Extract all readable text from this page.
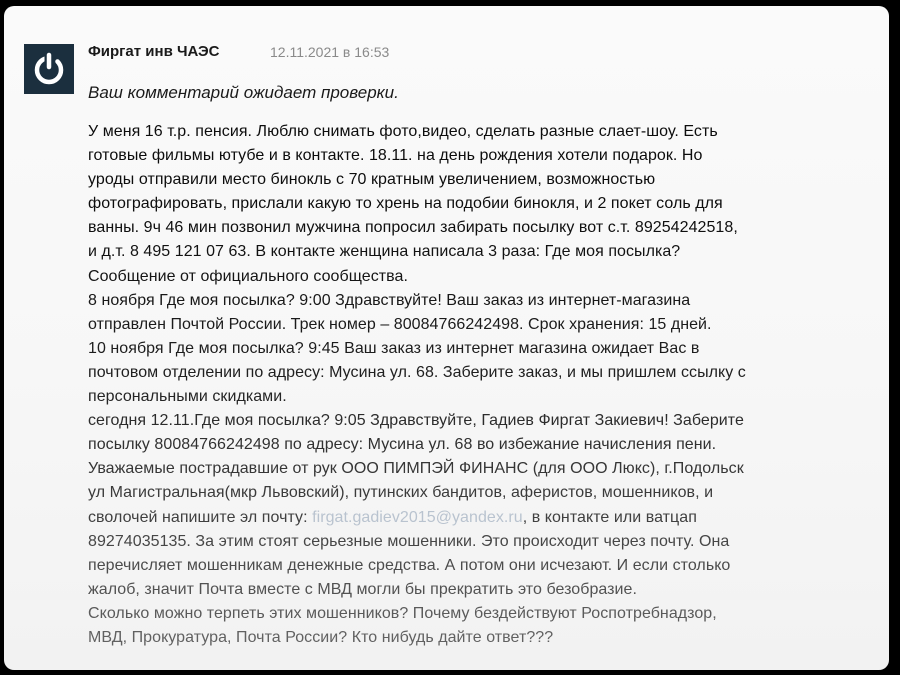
Фиргат инв ЧАЭС	12.11.2021 в 16:53
Ваш комментарий ожидает проверки.
У меня 16 т.р. пенсия. Люблю снимать фото,видео, сделать разные слает-шоу. Есть
готовые фильмы ютубе и в контакте. 18.11. на день рождения хотели подарок. Но
уроды отправили место бинокль с 70 кратным увеличением, возможностью
фотографировать, прислали какую то хрень на подобии бинокля, и 2 покет соль для
ванны. 9ч 46 мин позвонил мужчина попросил забирать посылку вот с.т. 89254242518,
и д.т. 8 495 121 07 63. В контакте женщина написала 3 раза: Где моя посылка?
Сообщение от официального сообщества.
8 ноября Где моя посылка? 9:00 Здравствуйте! Ваш заказ из интернет-магазина
отправлен Почтой России. Трек номер – 80084766242498. Срок хранения: 15 дней.
10 ноября Где моя посылка? 9:45 Ваш заказ из интернет магазина ожидает Вас в
почтовом отделении по адресу: Мусина ул. 68. Заберите заказ, и мы пришлем ссылку с
персональными скидками.
сегодня 12.11.Где моя посылка? 9:05 Здравствуйте, Гадиев Фиргат Закиевич! Заберите
посылку 80084766242498 по адресу: Мусина ул. 68 во избежание начисления пени.
Уважаемые пострадавшие от рук ООО ПИМПЭЙ ФИНАНС (для ООО Люкс), г.Подольск
ул Магистральная(мкр Львовский), путинских бандитов, аферистов, мошенников, и
сволочей напишите эл почту: firgat.gadiev2015@yandex.ru, в контакте или ватцап
89274035135. За этим стоят серьезные мошенники. Это происходит через почту. Она
перечисляет мошенникам денежные средства. А потом они исчезают. И если столько
жалоб, значит Почта вместе с МВД могли бы прекратить это безобразие.
Сколько можно терпеть этих мошенников? Почему бездействуют Роспотребнадзор,
МВД, Прокуратура, Почта России? Кто нибудь дайте ответ???
